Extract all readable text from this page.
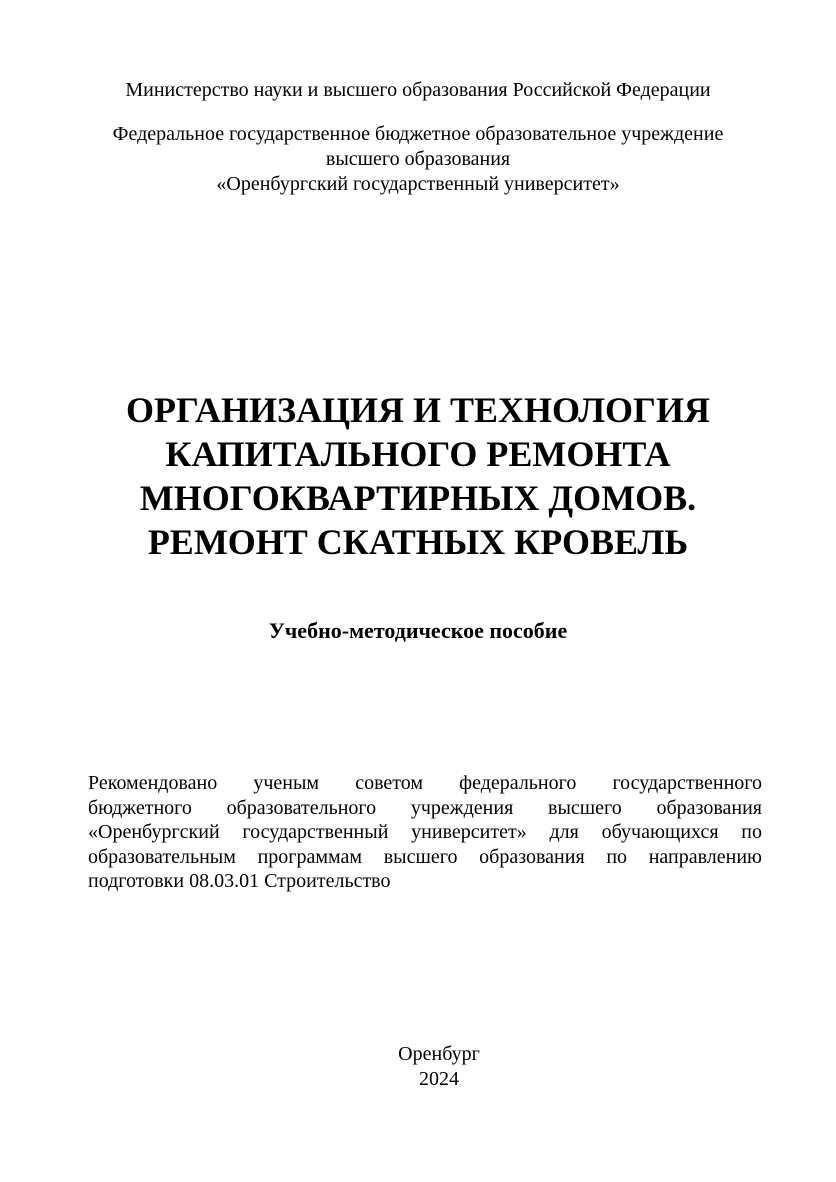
Министерство науки и высшего образования Российской Федерации
Федеральное государственное бюджетное образовательное учреждение
высшего образования
«Оренбургский государственный университет»
ОРГАНИЗАЦИЯ И ТЕХНОЛОГИЯ
КАПИТАЛЬНОГО РЕМОНТА
МНОГОКВАРТИРНЫХ ДОМОВ.
РЕМОНТ СКАТНЫХ КРОВЕЛЬ
Учебно-методическое пособие
Рекомендовано ученым советом федерального государственного
бюджетного образовательного учреждения высшего образования
«Оренбургский государственный университет» для обучающихся по
образовательным программам высшего образования по направлению
подготовки 08.03.01 Строительство
Оренбург
2024
